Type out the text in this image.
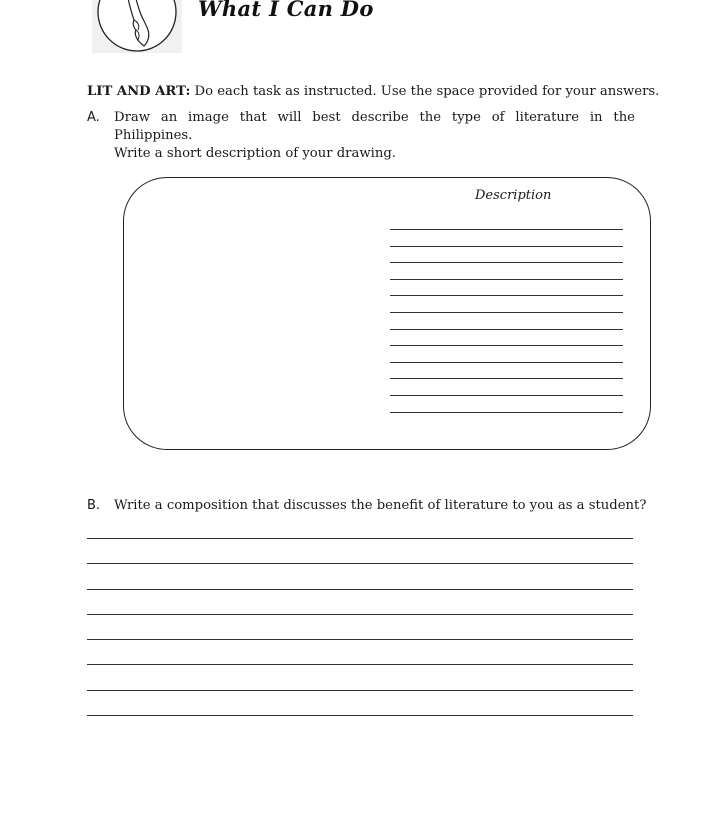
What I Can Do
LIT AND ART: Do each task as instructed. Use the space provided for your answers.
A. Draw an image that will best describe the type of literature in the Philippines.
Write a short description of your drawing.
Description
B. Write a composition that discusses the benefit of literature to you as a student?
